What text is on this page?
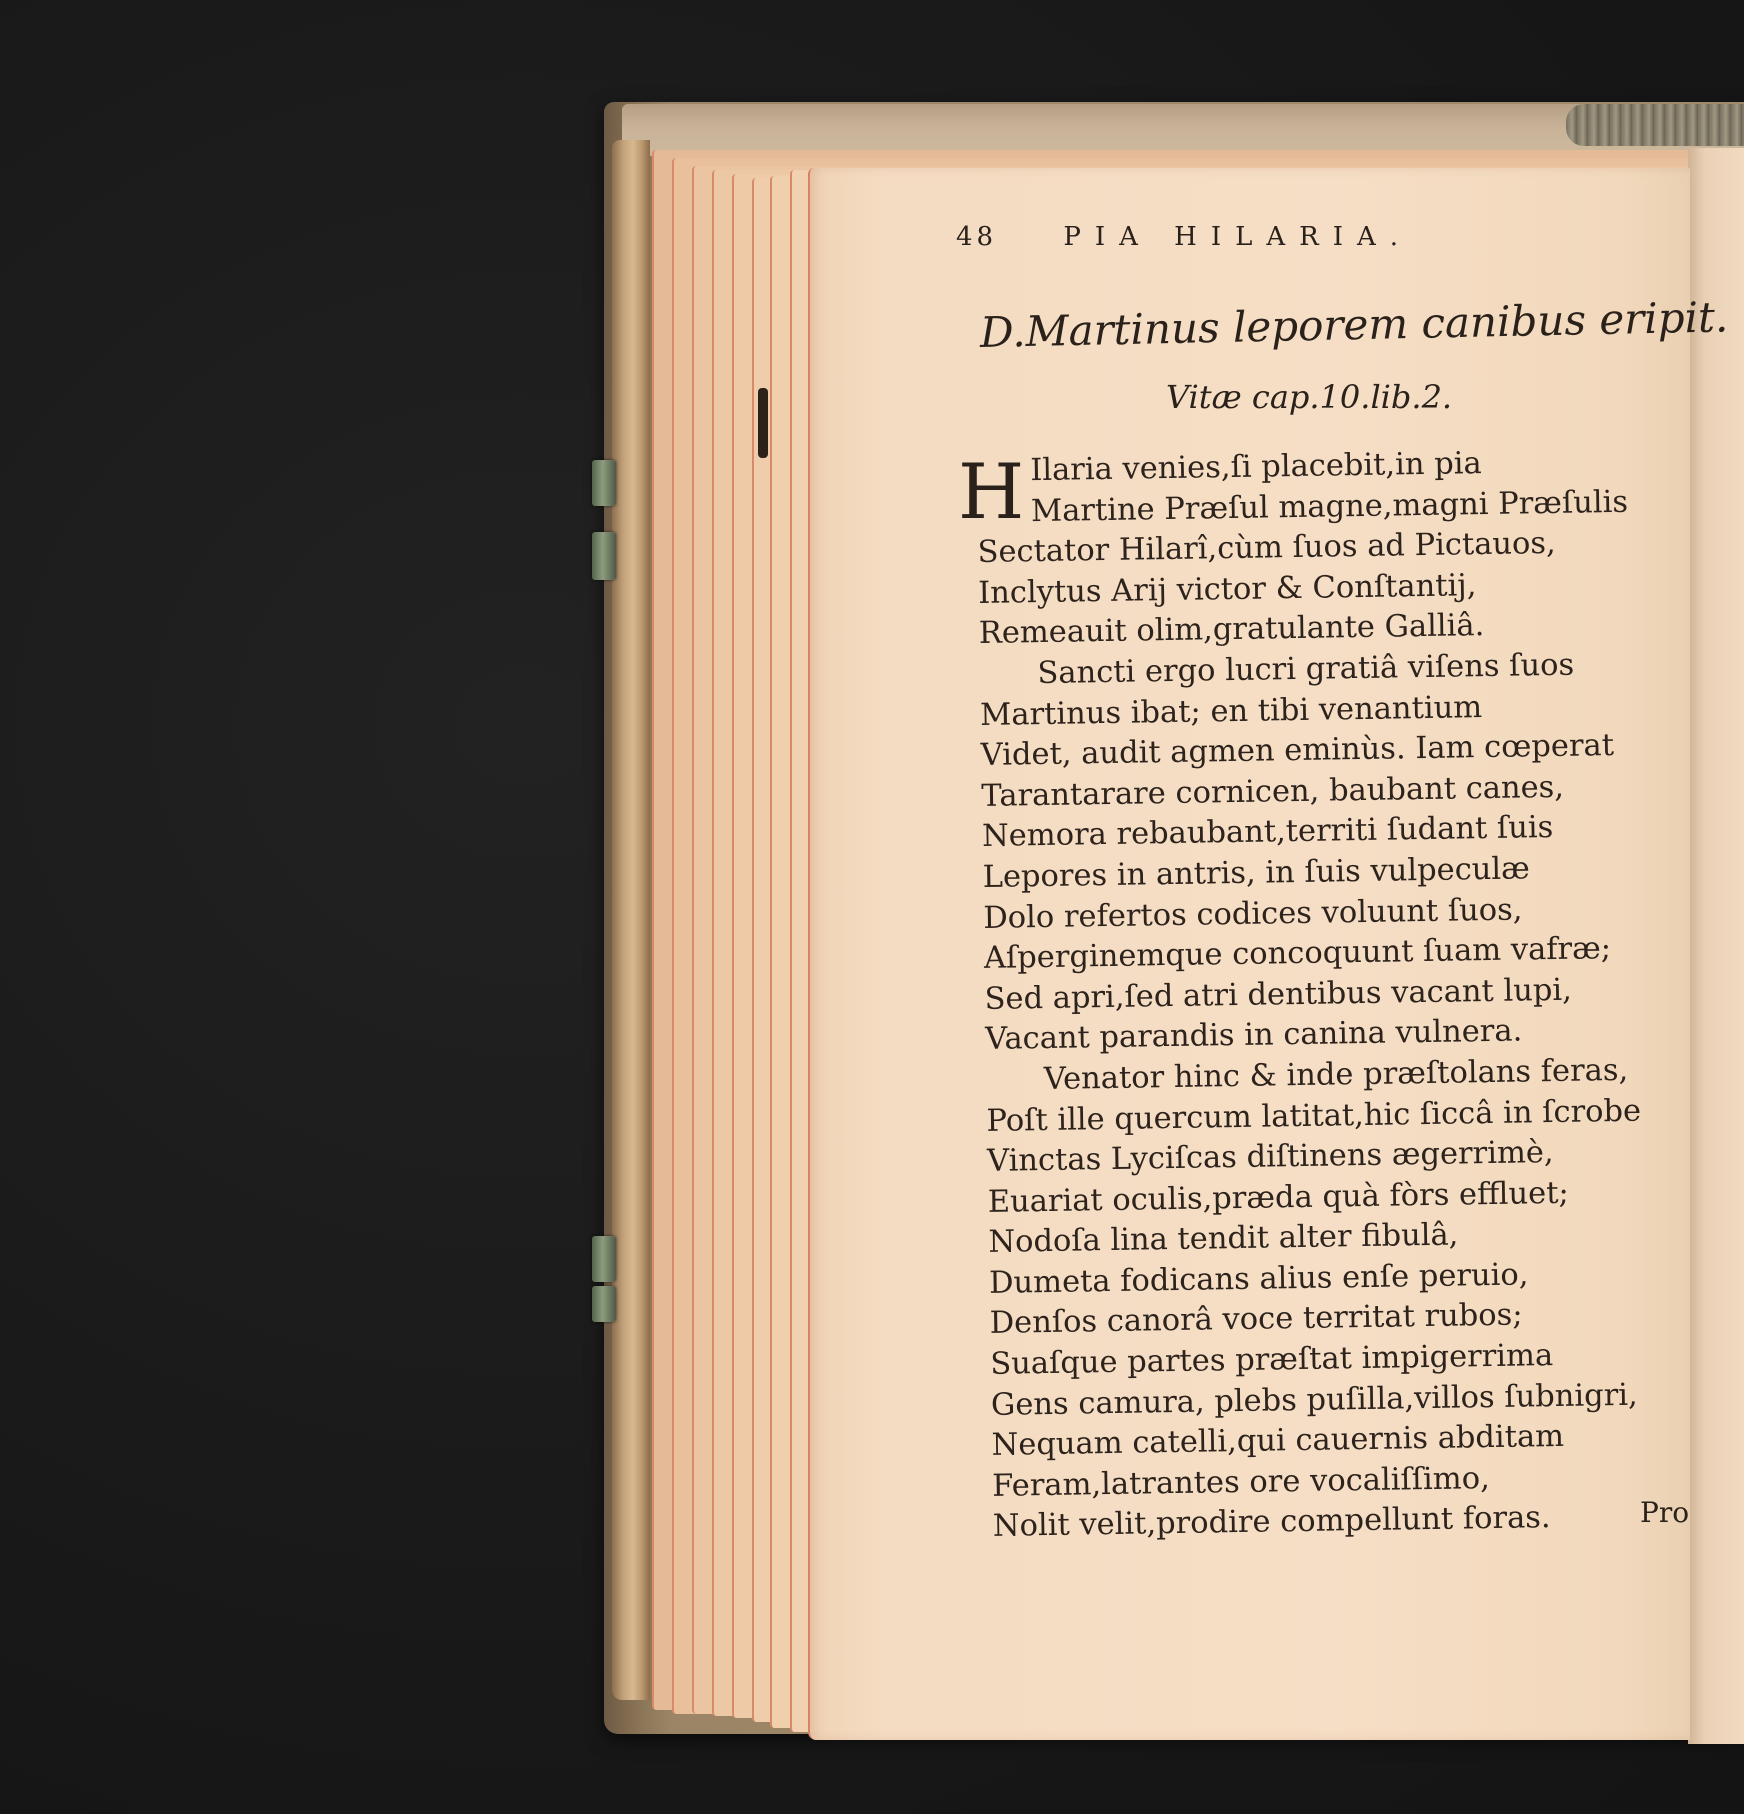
48	PIA HILARIA.
D.Martinus leporem canibus eripit.
Vitæ cap.10.lib.2.
H Ilaria venies,ſi placebit,in pia
Martine Præſul magne,magni Præſulis
Sectator Hilarî,cùm ſuos ad Pictauos,
Inclytus Arij victor & Conſtantij,
Remeauit olim,gratulante Galliâ.
Sancti ergo lucri gratiâ viſens ſuos
Martinus ibat; en tibi venantium
Videt, audit agmen eminùs. Iam cœperat
Tarantarare cornicen, baubant canes,
Nemora rebaubant,territi ſudant ſuis
Lepores in antris, in ſuis vulpeculæ
Dolo refertos codices voluunt ſuos,
Aſperginemque concoquunt ſuam vafræ;
Sed apri,ſed atri dentibus vacant lupi,
Vacant parandis in canina vulnera.
Venator hinc & inde præſtolans feras,
Poſt ille quercum latitat,hic ſiccâ in ſcrobe
Vinctas Lyciſcas diſtinens ægerrimè,
Euariat oculis,præda quà fòrs effluet;
Nodoſa lina tendit alter fibulâ,
Dumeta fodicans alius enſe peruio,
Denſos canorâ voce territat rubos;
Suaſque partes præſtat impigerrima
Gens camura, plebs puſilla,villos ſubnigri,
Nequam catelli,qui cauernis abditam
Feram,latrantes ore vocaliſſimo,
Nolit velit,prodire compellunt foras.	Pro
